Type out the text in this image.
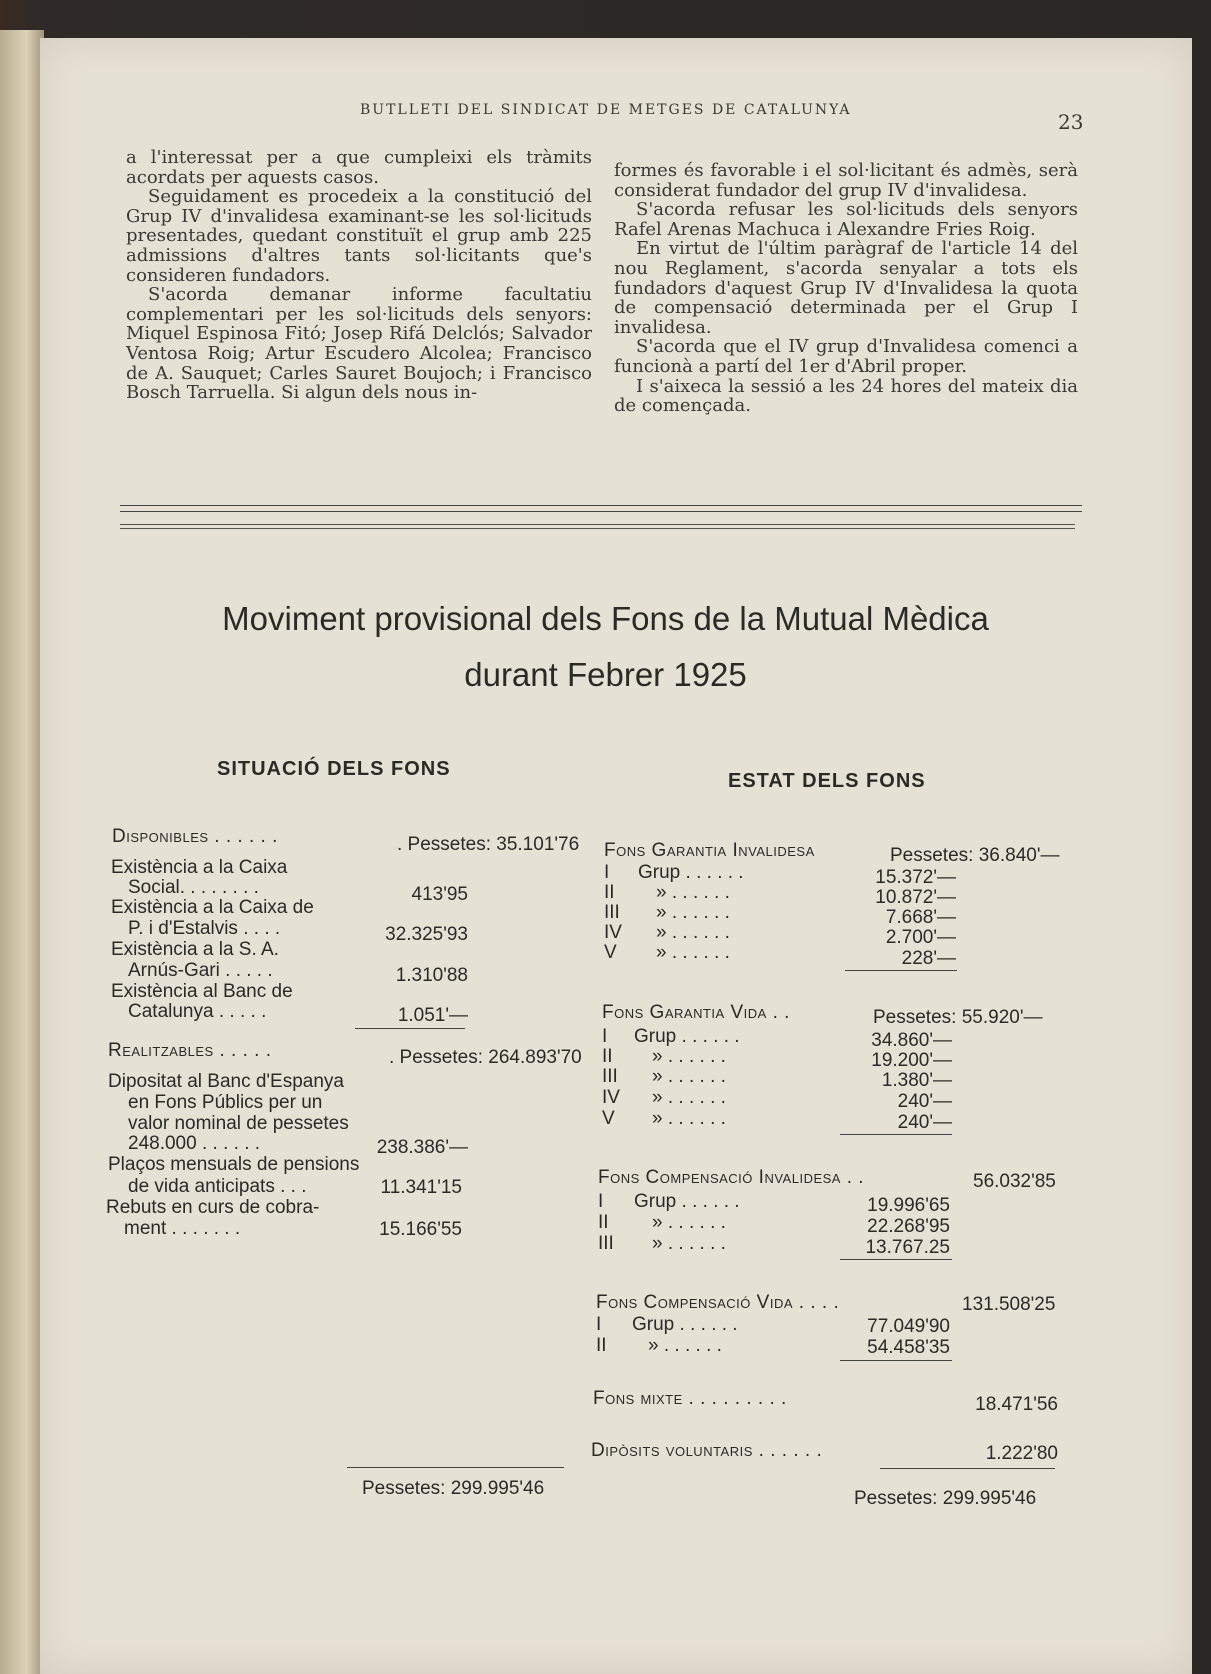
BUTLLETI DEL SINDICAT DE METGES DE CATALUNYA	23

a l'interessat per a que cumpleixi els tràmits acordats per aquests casos.

Seguidament es procedeix a la constitució del Grup IV d'invalidesa examinant-se les sol·licituds presentades, quedant constituït el grup amb 225 admissions d'altres tants sol·licitants que's consideren fundadors.

S'acorda demanar informe facultatiu complementari per les sol·licituds dels senyors: Miquel Espinosa Fitó; Josep Rifá Delclós; Salvador Ventosa Roig; Artur Escudero Alcolea; Francisco de A. Sauquet; Carles Sauret Boujoch; i Francisco Bosch Tarruella. Si algun dels nous in-

formes és favorable i el sol·licitant és admès, serà considerat fundador del grup IV d'invalidesa.

S'acorda refusar les sol·licituds dels senyors Rafel Arenas Machuca i Alexandre Fries Roig.

En virtut de l'últim paràgraf de l'article 14 del nou Reglament, s'acorda senyalar a tots els fundadors d'aquest Grup IV d'Invalidesa la quota de compensació determinada per el Grup I invalidesa.

S'acorda que el IV grup d'Invalidesa comenci a funcionà a partí del 1er d'Abril proper.

I s'aixeca la sessió a les 24 hores del mateix dia de començada.

Moviment provisional dels Fons de la Mutual Mèdica
durant Febrer 1925
SITUACIÓ DELS FONS
ESTAT DELS FONS
Disponibles . . . . . .	. Pessetes: 35.101'76
Existència a la Caixa
Social. . . . . . . .	413'95
Existència a la Caixa de
P. i d'Estalvis . . . .	32.325'93
Existència a la S. A.
Arnús-Gari . . . . .	1.310'88
Existència al Banc de
Catalunya . . . . .	1.051'—
Realitzables . . . . .	. Pessetes: 264.893'70
Dipositat al Banc d'Espanya
en Fons Públics per un
valor nominal de pessetes
248.000 . . . . . .	238.386'—
Plaços mensuals de pensions
de vida anticipats . . .	11.341'15
Rebuts en curs de cobra-
ment . . . . . . .	15.166'55
Pessetes: 299.995'46
Fons Garantia Invalidesa	Pessetes: 36.840'—
I Grup . . . . . .	15.372'—
II » . . . . . .	10.872'—
III » . . . . . .	7.668'—
IV » . . . . . .	2.700'—
V » . . . . . .	228'—
Fons Garantia Vida . .	Pessetes: 55.920'—
I Grup . . . . . .	34.860'—
II » . . . . . .	19.200'—
III » . . . . . .	1.380'—
IV » . . . . . .	240'—
V » . . . . . .	240'—
Fons Compensació Invalidesa . .	56.032'85
I Grup . . . . . .	19.996'65
II » . . . . . .	22.268'95
III » . . . . . .	13.767.25
Fons Compensació Vida . . . .	131.508'25
I Grup . . . . . .	77.049'90
II » . . . . . .	54.458'35
Fons mixte . . . . . . . . .	18.471'56
Dipòsits voluntaris . . . . . .	1.222'80
Pessetes: 299.995'46
